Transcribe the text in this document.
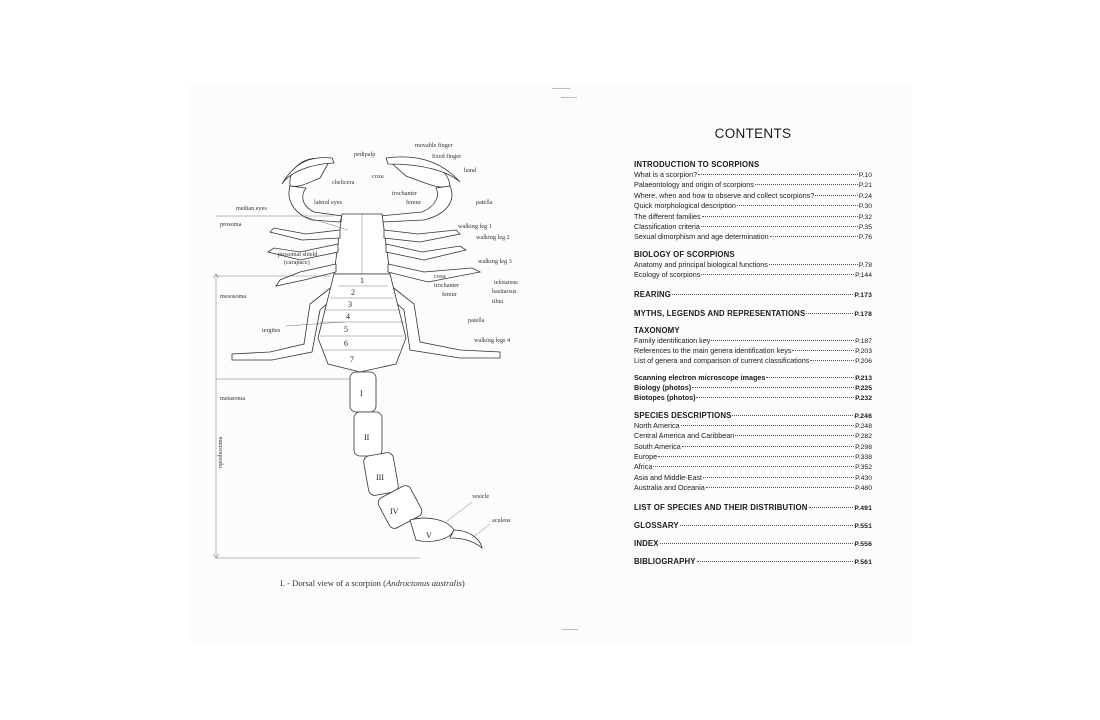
pedipalp
movable finger
fixed finger
hand
chelicera
coxa
trochanter
femur	patella
lateral eyes
median eyes
prosoma	walking leg 1
walking leg 2
prosomal shield
(carapace)	walking leg 3
coxa
trochanter
femur
telotarsus
basitarsus
tibia
patella
mesosoma
tergites
walking legs 4
metasoma
opisthosoma
vesicle
aculeus
1
2
3
4
5
6
7
I
II
III
IV
V
I. - Dorsal view of a scorpion (Androctonus australis)
CONTENTS
INTRODUCTION TO SCORPIONS
What is a scorpion?	P.10
Palaeontology and origin of scorpions	P.21
Where, when and how to observe and collect scorpions?	P.24
Quick morphological description	P.30
The different families	P.32
Classification criteria	P.35
Sexual dimorphism and age determination	P.76
BIOLOGY OF SCORPIONS
Anatomy and principal biological functions	P.78
Ecology of scorpions	P.144
REARING	P.173
MYTHS, LEGENDS AND REPRESENTATIONS	P.178
TAXONOMY
Family identification key	P.187
References to the main genera identification keys	P.203
List of genera and comparison of current classifications	P.206
Scanning electron microscope images	P.213
Biology (photos)	P.225
Biotopes (photos)	P.232
SPECIES DESCRIPTIONS	P.246
North America	P.248
Central America and Caribbean	P.282
South America	P.298
Europe	P.338
Africa	P.352
Asia and Middle-East	P.430
Australia and Oceania	P.480
LIST OF SPECIES AND THEIR DISTRIBUTION	P.491
GLOSSARY	P.551
INDEX	P.556
BIBLIOGRAPHY	P.561
